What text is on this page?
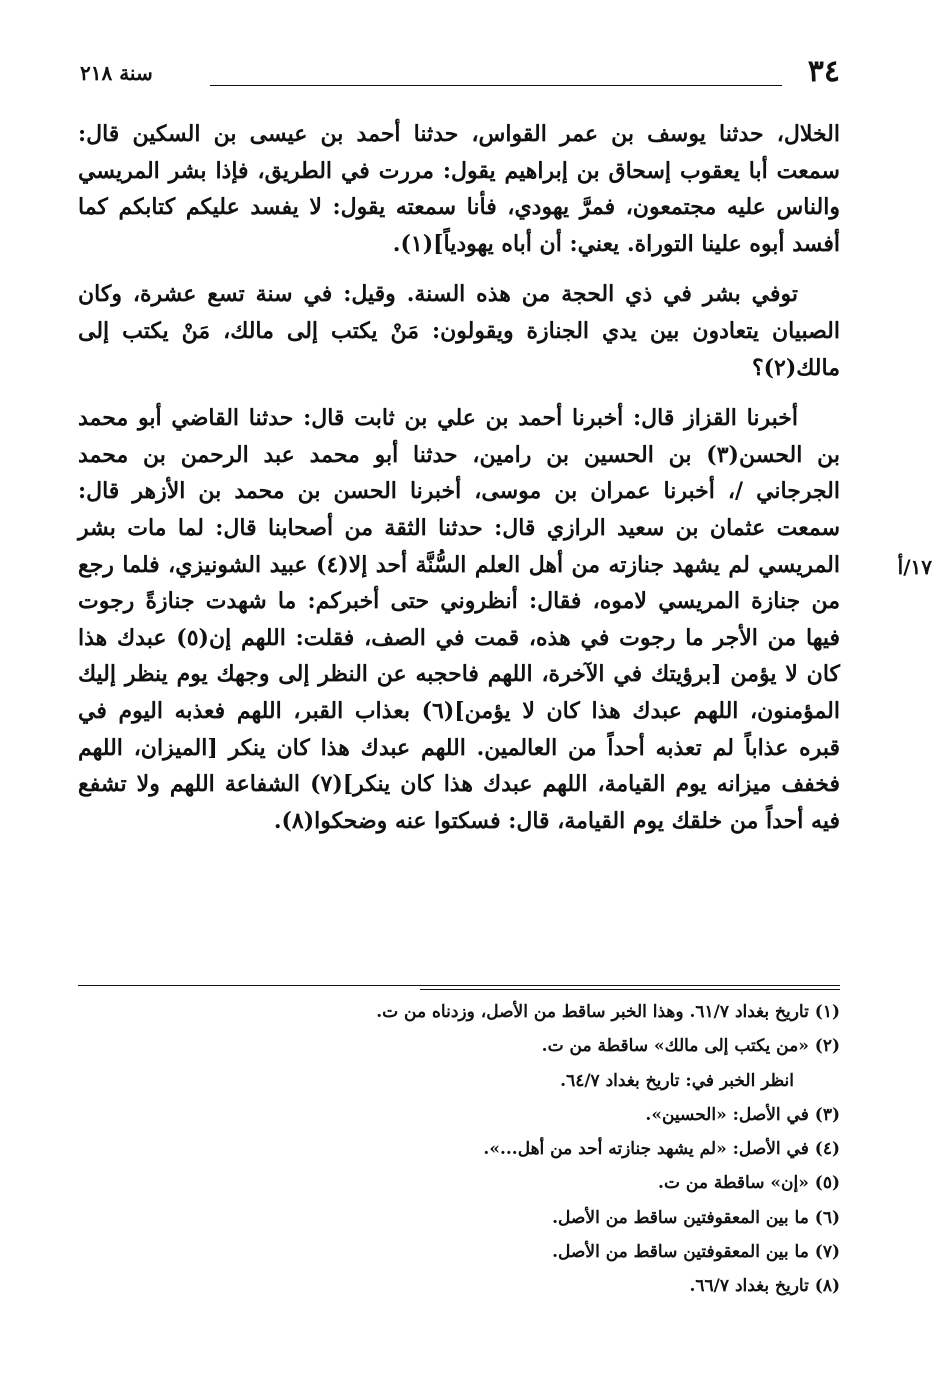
٣٤
سنة ٢١٨

الخلال، حدثنا يوسف بن عمر القواس، حدثنا أحمد بن عيسى بن السكين قال: سمعت أبا يعقوب إسحاق بن إبراهيم يقول: مررت في الطريق، فإذا بشر المريسي والناس عليه مجتمعون، فمرَّ يهودي، فأنا سمعته يقول: لا يفسد عليكم كتابكم كما أفسد أبوه علينا التوراة. يعني: أن أباه يهودياً](١).

توفي بشر في ذي الحجة من هذه السنة. وقيل: في سنة تسع عشرة، وكان الصبيان يتعادون بين يدي الجنازة ويقولون: مَنْ يكتب إلى مالك، مَنْ يكتب إلى مالك(٢)؟

أخبرنا القزاز قال: أخبرنا أحمد بن علي بن ثابت قال: حدثنا القاضي أبو محمد بن الحسن(٣) بن الحسين بن رامين، حدثنا أبو محمد عبد الرحمن بن محمد الجرجاني /، أخبرنا عمران بن موسى، أخبرنا الحسن بن محمد بن الأزهر قال: سمعت عثمان بن سعيد الرازي قال: حدثنا الثقة من أصحابنا قال: لما مات بشر المريسي لم يشهد جنازته من أهل العلم السُّنَّة أحد إلا(٤) عبيد الشونيزي، فلما رجع من جنازة المريسي لاموه، فقال: أنظروني حتى أخبركم: ما شهدت جنازةً رجوت فيها من الأجر ما رجوت في هذه، قمت في الصف، فقلت: اللهم إن(٥) عبدك هذا كان لا يؤمن [برؤيتك في الآخرة، اللهم فاحجبه عن النظر إلى وجهك يوم ينظر إليك المؤمنون، اللهم عبدك هذا كان لا يؤمن](٦) بعذاب القبر، اللهم فعذبه اليوم في قبره عذاباً لم تعذبه أحداً من العالمين. اللهم عبدك هذا كان ينكر [الميزان، اللهم فخفف ميزانه يوم القيامة، اللهم عبدك هذا كان ينكر](٧) الشفاعة اللهم ولا تشفع فيه أحداً من خلقك يوم القيامة، قال: فسكتوا عنه وضحكوا(٨).

١٧/أ
(١) تاريخ بغداد ٦١/٧. وهذا الخبر ساقط من الأصل، وزدناه من ت.
(٢) «من يكتب إلى مالك» ساقطة من ت.
انظر الخبر في: تاريخ بغداد ٦٤/٧.
(٣) في الأصل: «الحسين».
(٤) في الأصل: «لم يشهد جنازته أحد من أهل...».
(٥) «إن» ساقطة من ت.
(٦) ما بين المعقوفتين ساقط من الأصل.
(٧) ما بين المعقوفتين ساقط من الأصل.
(٨) تاريخ بغداد ٦٦/٧.
